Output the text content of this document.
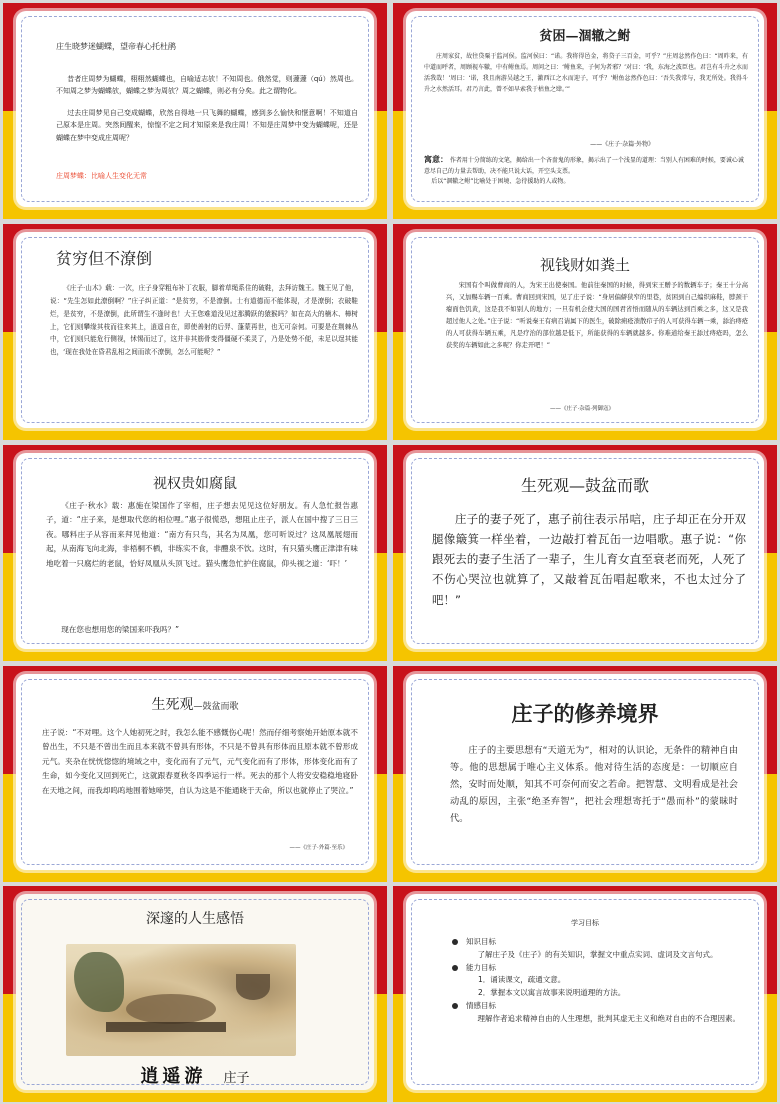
庄生晓梦迷蝴蝶，望帝春心托杜鹃
昔者庄周梦为蝴蝶，栩栩然蝴蝶也，自喻适志欤！不知周也。俄然觉，则蘧蘧（qú）然周也。不知周之梦为蝴蝶欤，蝴蝶之梦为周欤？周之蝴蝶，则必有分矣。此之谓物化。
过去庄周梦见自己变成蝴蝶，欣然自得地一只飞舞的蝴蝶，感到多么愉快和惬意啊！不知道自己原本是庄周。突然间醒来，惊惶不定之间才知原来是我庄周！不知是庄周梦中变为蝴蝶呢，还是蝴蝶在梦中变成庄周呢？
庄周梦蝶：比喻人生变化无常
贫困—涸辙之鲋
庄周家贫，故往贷粟于监河侯。监河侯曰：“诺。我将得邑金，将贷子三百金，可乎？”庄周忿然作色曰：“周昨来，有中道而呼者，周顾视车辙，中有鲋鱼焉。周问之曰：‘鲋鱼来，子何为者邪？’对曰：‘我，东海之波臣也。君岂有斗升之水而活我哉！’周曰：‘诺，我且南游吴越之王，激西江之水而迎子，可乎？’鲋鱼忿然作色曰：‘吾失我常与，我无所处。我得斗升之水然活耳。君乃言此，曾不如早索我于枯鱼之肆。’”
——《庄子·杂篇·外物》
寓意： 作者用十分简练的文笔，揭给出一个吝啬鬼的形象，揭示出了一个浅显的道理：当别人有困难的时候，要诚心诚意尽自己的力量去帮助，决不能只说大话，开空头支票。
后以“涸辙之鲋”比喻处于困境、急待援助的人或物。
贫穷但不潦倒
《庄子·山木》载：一次，庄子身穿粗布补丁衣服，脚着草绳系住的破鞋，去拜访魏王。魏王见了他，说：“先生怎如此潦倒啊？”庄子纠正道：“是贫穷，不是潦倒。士有道德而不能体现，才是潦倒；衣破鞋烂，是贫穷，不是潦倒，此所谓生不逢时也！大王您难道没见过那腾跃的猿猴吗？如在高大的楠木、樟树上，它们则攀缘其枝而往来其上，逍遥自在，即使善射的后羿、蓬蒙再世，也无可奈何。可要是在荆棘丛中，它们则只能危行侧视，怵惕而过了，这并非其筋骨变得僵硬不柔灵了，乃是处势不便，未足以逞其能也，‘现在我处在昏君乱相之间而欲不潦倒，怎么可能呢？”
视钱财如粪土
宋国有个叫做曹商的人，为宋王出使秦国。他前往秦国的时候，得到宋王赠予的数辆车子；秦王十分高兴，又加赐车辆一百乘。曹商回到宋国，见了庄子说：“身居偏僻狭窄的里巷，贫困到自己编织麻鞋，脖颈干瘪面色饥黄，这是我不如别人的地方；一旦有机会使大国的国君省悟而随从的车辆达到百乘之多，这又是我超过他人之处。”庄子说：“听说秦王有病召请属下的医生，破除痈疮溃散疖子的人可获得车辆一乘，舔治痔疮的人可获得车辆五乘，凡是疗治的部位越是低下，所能获得的车辆就越多。你难道给秦王舔过痔疮吗，怎么获奖的车辆如此之多呢？你走开吧！”
——《庄子·杂篇·列御寇》
视权贵如腐鼠
《庄子·秋水》载：惠施在梁国作了宰相，庄子想去见见这位好朋友。有人急忙报告惠子，道：“庄子来，是想取代您的相位哩。”惠子很慌恐，想阻止庄子，派人在国中搜了三日三夜。哪料庄子从容而来拜见他道：“南方有只鸟，其名为凤凰，您可听说过？这凤凰展翅而起，从南海飞向北海，非梧桐不栖，非练实不食，非醴泉不饮。这时，有只猫头鹰正津津有味地吃着一只腐烂的老鼠，恰好凤凰从头顶飞过。猫头鹰急忙护住腐鼠，仰头视之道：‘吓！’
现在您也想用您的梁国来吓我吗？”
生死观—鼓盆而歌
庄子的妻子死了，惠子前往表示吊唁，庄子却正在分开双腿像簸箕一样坐着，一边敲打着瓦缶一边唱歌。惠子说：“你跟死去的妻子生活了一辈子，生儿育女直至衰老而死，人死了不伤心哭泣也就算了，又敲着瓦缶唱起歌来，不也太过分了吧！”
生死观—鼓盆而歌
庄子说：“不对哩。这个人她初死之时，我怎么能不感慨伤心呢！然而仔细考察她开始原本就不曾出生，不只是不曾出生而且本来就不曾具有形体，不只是不曾具有形体而且原本就不曾形成元气。夹杂在恍恍惚惚的境域之中，变化而有了元气，元气变化而有了形体，形体变化而有了生命，如今变化又回到死亡，这就跟春夏秋冬四季运行一样。死去的那个人将安安稳稳地寝卧在天地之间，而我却呜呜地围着她啼哭，自认为这是不能通晓于天命，所以也就停止了哭泣。”
——《庄子·外篇·至乐》
庄子的修养境界
庄子的主要思想有“天道无为”，相对的认识论，无条件的精神自由等。他的思想属于唯心主义体系。他对待生活的态度是：一切顺应自然，安时而处顺，知其不可奈何而安之若命。把智慧、文明看成是社会动乱的原因，主张“绝圣弃智”，把社会理想寄托于“愚而朴”的蒙昧时代。
深邃的人生感悟
逍遥游 庄子
学习目标
知识目标
了解庄子及《庄子》的有关知识，掌握文中重点实词、虚词及文言句式。
能力目标
1．诵读课文，疏通文意。
2．掌握本文以寓言故事来说明道理的方法。
情感目标
理解作者追求精神自由的人生理想，批判其虚无主义和绝对自由的不合理因素。
